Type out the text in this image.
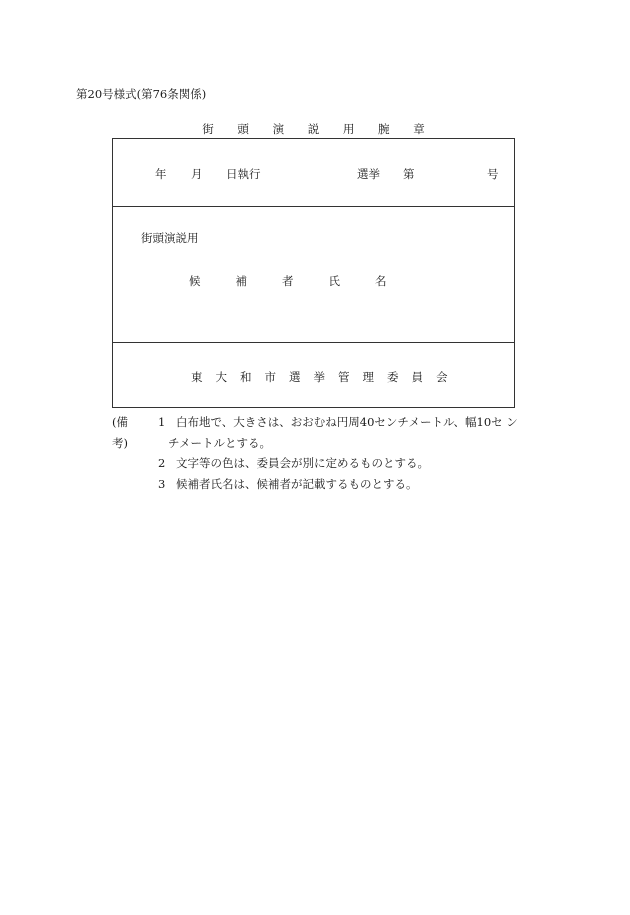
第20号様式(第76条関係)
街 頭 演 説 用 腕 章
年 月 日執行	選挙 第	号
街頭演説用
候補者氏名
東大和市選挙管理委員会
(備考)
1 白布地で、大きさは、おおむね円周40センチメートル、幅10セ ン
チメートルとする。
2 文字等の色は、委員会が別に定めるものとする。
3 候補者氏名は、候補者が記載するものとする。
